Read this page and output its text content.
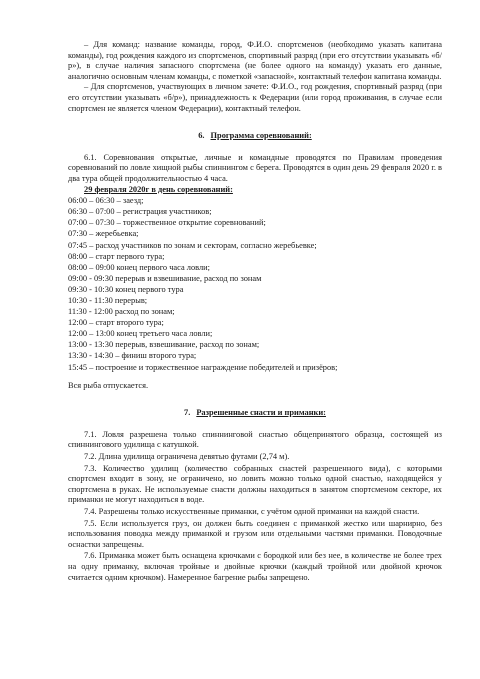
– Для команд: название команды, город, Ф.И.О. спортсменов (необходимо указать капитана команды), год рождения каждого из спортсменов, спортивный разряд (при его отсутствии указывать «б/р»), в случае наличия запасного спортсмена (не более одного на команду) указать его данные, аналогично основным членам команды, с пометкой «запасной», контактный телефон капитана команды.

– Для спортсменов, участвующих в личном зачете: Ф.И.О., год рождения, спортивный разряд (при его отсутствии указывать «б/р»), принадлежность к Федерации (или город проживания, в случае если спортсмен не является членом Федерации), контактный телефон.

6. Программа соревнований:

6.1. Соревнования открытые, личные и командные проводятся по Правилам проведения соревнований по ловле хищной рыбы спиннингом с берега. Проводятся в один день 29 февраля 2020 г. в два тура общей продолжительностью 4 часа.

29 февраля 2020г в день соревнований:

06:00 – 06:30 – заезд;
06:30 – 07:00 – регистрация участников;
07:00 – 07:30 – торжественное открытие соревнований;
07:30 – жеребьевка;
07:45 – расход участников по зонам и секторам, согласно жеребьевке;
08:00 – старт первого тура;
08:00 – 09:00 конец первого часа ловли;
09:00 - 09:30 перерыв и взвешивание, расход по зонам
09:30 - 10:30 конец первого тура
10:30 - 11:30 перерыв;
11:30 - 12:00 расход по зонам;
12:00 – старт второго тура;
12:00 – 13:00 конец третьего часа ловли;
13:00 - 13:30 перерыв, взвешивание, расход по зонам;
13:30 - 14:30 – финиш второго тура;
15:45 – построение и торжественное награждение победителей и призёров;

Вся рыба отпускается.

7. Разрешенные снасти и приманки:

7.1. Ловля разрешена только спиннинговой снастью общепринятого образца, состоящей из спиннингового удилища с катушкой.

7.2. Длина удилища ограничена девятью футами (2,74 м).

7.3. Количество удилищ (количество собранных снастей разрешенного вида), с которыми спортсмен входит в зону, не ограничено, но ловить можно только одной снастью, находящейся у спортсмена в руках. Не используемые снасти должны находиться в занятом спортсменом секторе, их приманки не могут находиться в воде.

7.4. Разрешены только искусственные приманки, с учётом одной приманки на каждой снасти.

7.5. Если используется груз, он должен быть соединен с приманкой жестко или шарнирно, без использования поводка между приманкой и грузом или отдельными частями приманки. Поводочные оснастки запрещены.

7.6. Приманка может быть оснащена крючками с бородкой или без нее, в количестве не более трех на одну приманку, включая тройные и двойные крючки (каждый тройной или двойной крючок считается одним крючком). Намеренное багрение рыбы запрещено.
